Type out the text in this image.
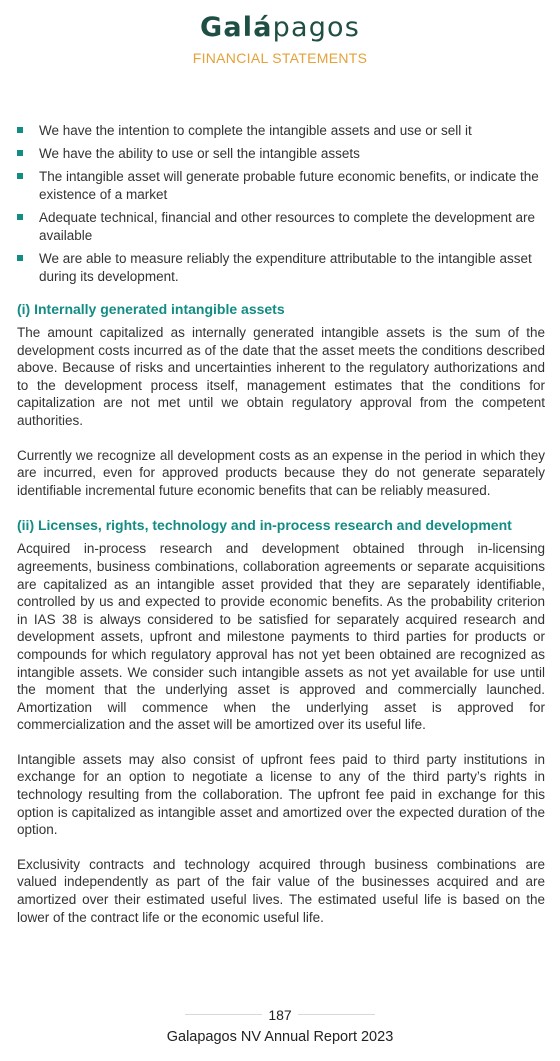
Galápagos
FINANCIAL STATEMENTS
We have the intention to complete the intangible assets and use or sell it
We have the ability to use or sell the intangible assets
The intangible asset will generate probable future economic benefits, or indicate the existence of a market
Adequate technical, financial and other resources to complete the development are available
We are able to measure reliably the expenditure attributable to the intangible asset during its development.
(i) Internally generated intangible assets

The amount capitalized as internally generated intangible assets is the sum of the development costs incurred as of the date that the asset meets the conditions described above. Because of risks and uncertainties inherent to the regulatory authorizations and to the development process itself, management estimates that the conditions for capitalization are not met until we obtain regulatory approval from the competent authorities.

Currently we recognize all development costs as an expense in the period in which they are incurred, even for approved products because they do not generate separately identifiable incremental future economic benefits that can be reliably measured.

(ii) Licenses, rights, technology and in-process research and development

Acquired in-process research and development obtained through in-licensing agreements, business combinations, collaboration agreements or separate acquisitions are capitalized as an intangible asset provided that they are separately identifiable, controlled by us and expected to provide economic benefits. As the probability criterion in IAS 38 is always considered to be satisfied for separately acquired research and development assets, upfront and milestone payments to third parties for products or compounds for which regulatory approval has not yet been obtained are recognized as intangible assets. We consider such intangible assets as not yet available for use until the moment that the underlying asset is approved and commercially launched. Amortization will commence when the underlying asset is approved for commercialization and the asset will be amortized over its useful life.

Intangible assets may also consist of upfront fees paid to third party institutions in exchange for an option to negotiate a license to any of the third party’s rights in technology resulting from the collaboration. The upfront fee paid in exchange for this option is capitalized as intangible asset and amortized over the expected duration of the option.

Exclusivity contracts and technology acquired through business combinations are valued independently as part of the fair value of the businesses acquired and are amortized over their estimated useful lives. The estimated useful life is based on the lower of the contract life or the economic useful life.

187
Galapagos NV Annual Report 2023
